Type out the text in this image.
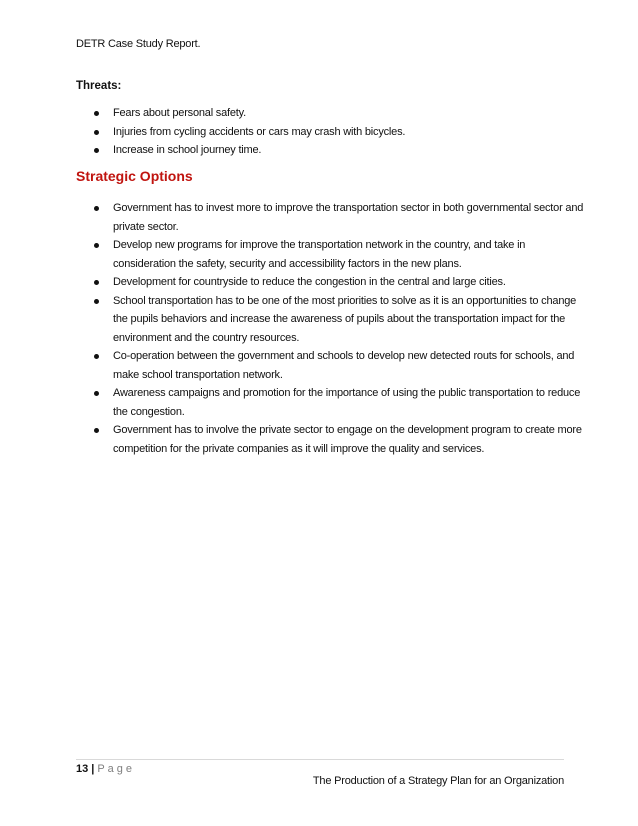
DETR Case Study Report.
Threats:
Fears about personal safety.
Injuries from cycling accidents or cars may crash with bicycles.
Increase in school journey time.
Strategic Options
Government has to invest more to improve the transportation sector in both governmental sector and private sector.
Develop new programs for improve the transportation network in the country, and take in consideration the safety, security and accessibility factors in the new plans.
Development for countryside to reduce the congestion in the central and large cities.
School transportation has to be one of the most priorities to solve as it is an opportunities to change the pupils behaviors and increase the awareness of pupils about the transportation impact for the environment and the country resources.
Co-operation between the government and schools to develop new detected routs for schools, and make school transportation network.
Awareness campaigns and promotion for the importance of using the public transportation to reduce the congestion.
Government has to involve the private sector to engage on the development program to create more competition for the private companies as it will improve the quality and services.
13 | Page
The Production of a Strategy Plan for an Organization
